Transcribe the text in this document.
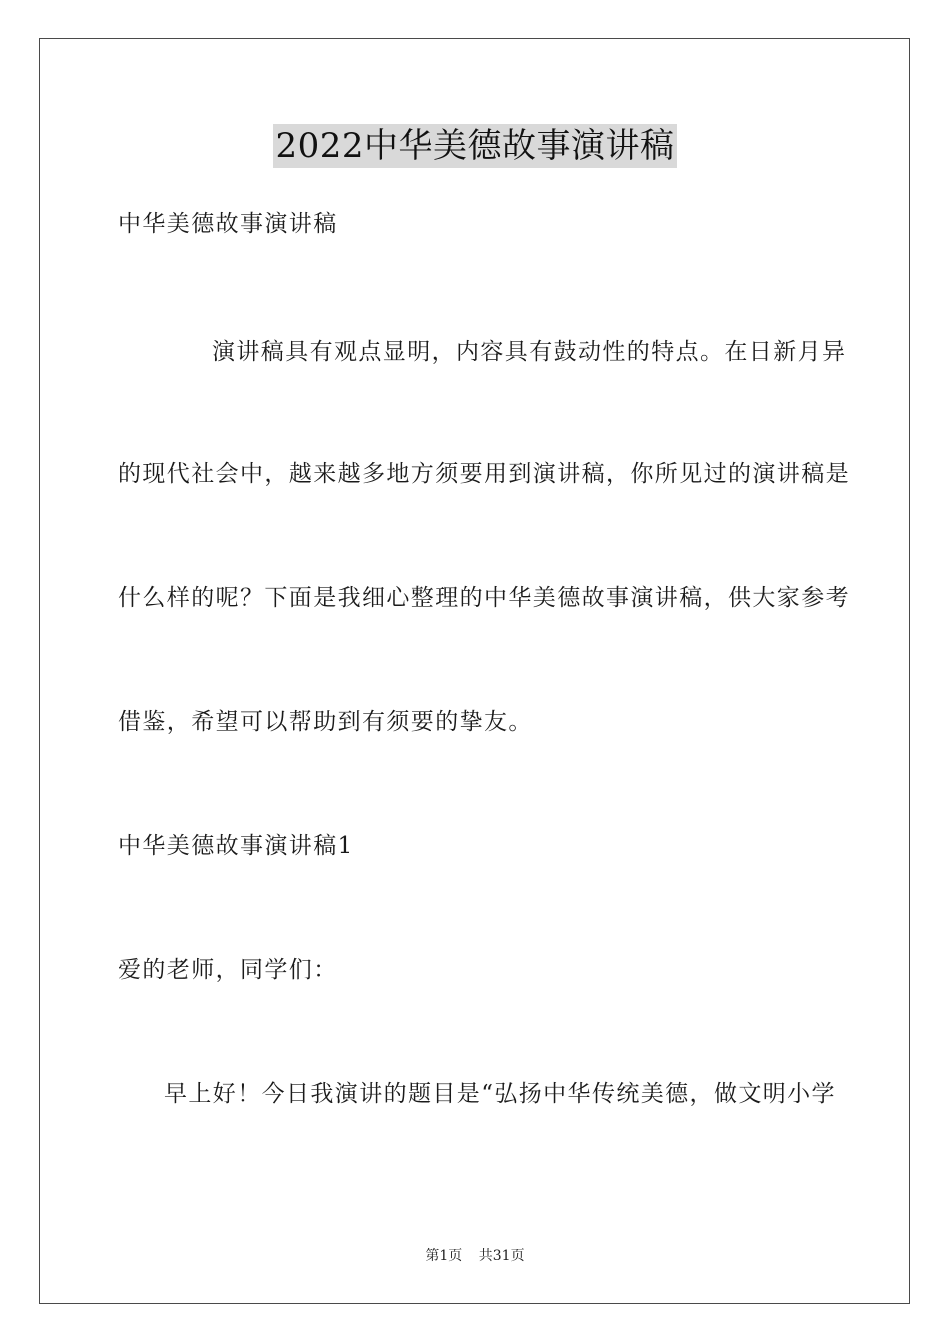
2022中华美德故事演讲稿
中华美德故事演讲稿
演讲稿具有观点显明，内容具有鼓动性的特点。在日新月异
的现代社会中，越来越多地方须要用到演讲稿，你所见过的演讲稿是
什么样的呢？下面是我细心整理的中华美德故事演讲稿，供大家参考
借鉴，希望可以帮助到有须要的挚友。
中华美德故事演讲稿1
爱的老师，同学们：
早上好！今日我演讲的题目是“弘扬中华传统美德，做文明小学
第1页 共31页
